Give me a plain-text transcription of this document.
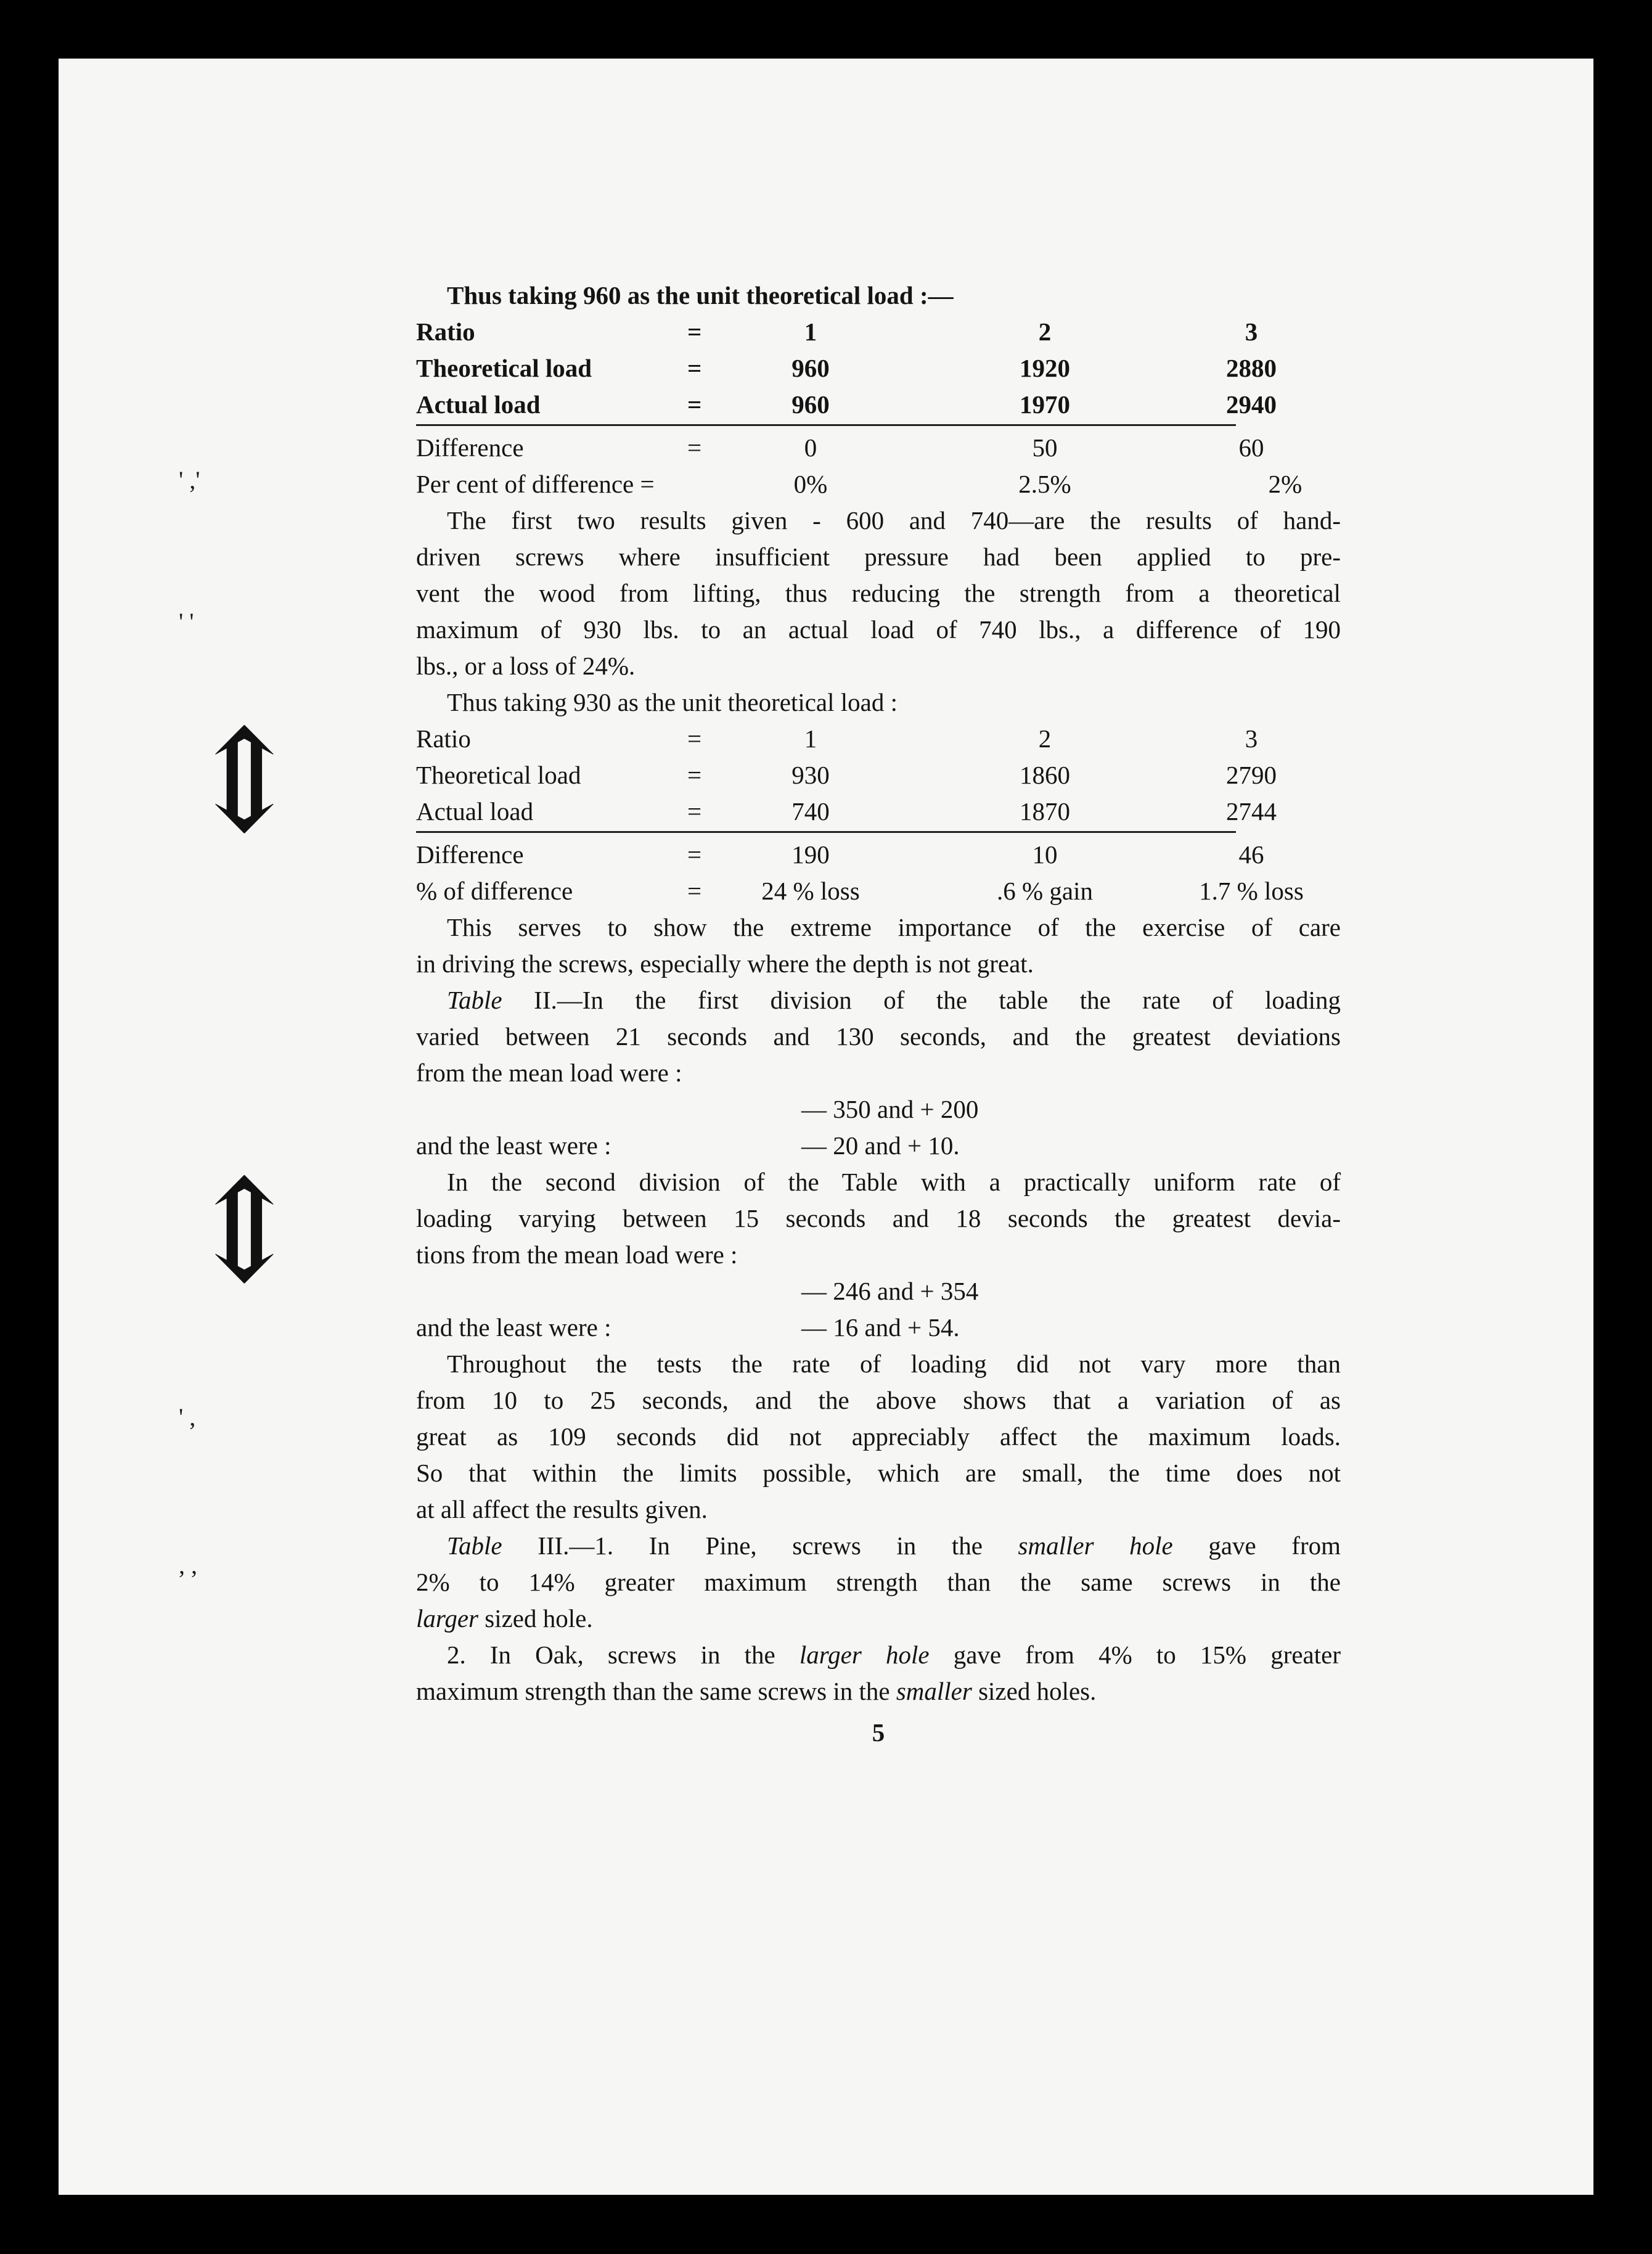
' ,'
' '
⇕
⇕
' ,
, ,
Thus taking 960 as the unit theoretical load :—
Ratio	=	1	2	3
Theoretical load	=	960	1920	2880
Actual load	=	960	1970	2940
Difference	=	0	50	60
Per cent of difference =	0%	2.5%	2%
The first two results given - 600 and 740—are the results of hand-
driven screws where insufficient pressure had been applied to pre-
vent the wood from lifting, thus reducing the strength from a theoretical
maximum of 930 lbs. to an actual load of 740 lbs., a difference of 190
lbs., or a loss of 24%.
Thus taking 930 as the unit theoretical load :
Ratio	=	1	2	3
Theoretical load	=	930	1860	2790
Actual load	=	740	1870	2744
Difference	=	190	10	46
% of difference	=	24 % loss	.6 % gain	1.7 % loss
This serves to show the extreme importance of the exercise of care
in driving the screws, especially where the depth is not great.
Table II.—In the first division of the table the rate of loading
varied between 21 seconds and 130 seconds, and the greatest deviations
from the mean load were :
— 350 and + 200
and the least were :	— 20 and + 10.
In the second division of the Table with a practically uniform rate of
loading varying between 15 seconds and 18 seconds the greatest devia-
tions from the mean load were :
— 246 and + 354
and the least were :	— 16 and + 54.
Throughout the tests the rate of loading did not vary more than
from 10 to 25 seconds, and the above shows that a variation of as
great as 109 seconds did not appreciably affect the maximum loads.
So that within the limits possible, which are small, the time does not
at all affect the results given.
Table III.—1. In Pine, screws in the smaller hole gave from
2% to 14% greater maximum strength than the same screws in the
larger sized hole.
2. In Oak, screws in the larger hole gave from 4% to 15% greater
maximum strength than the same screws in the smaller sized holes.
5
